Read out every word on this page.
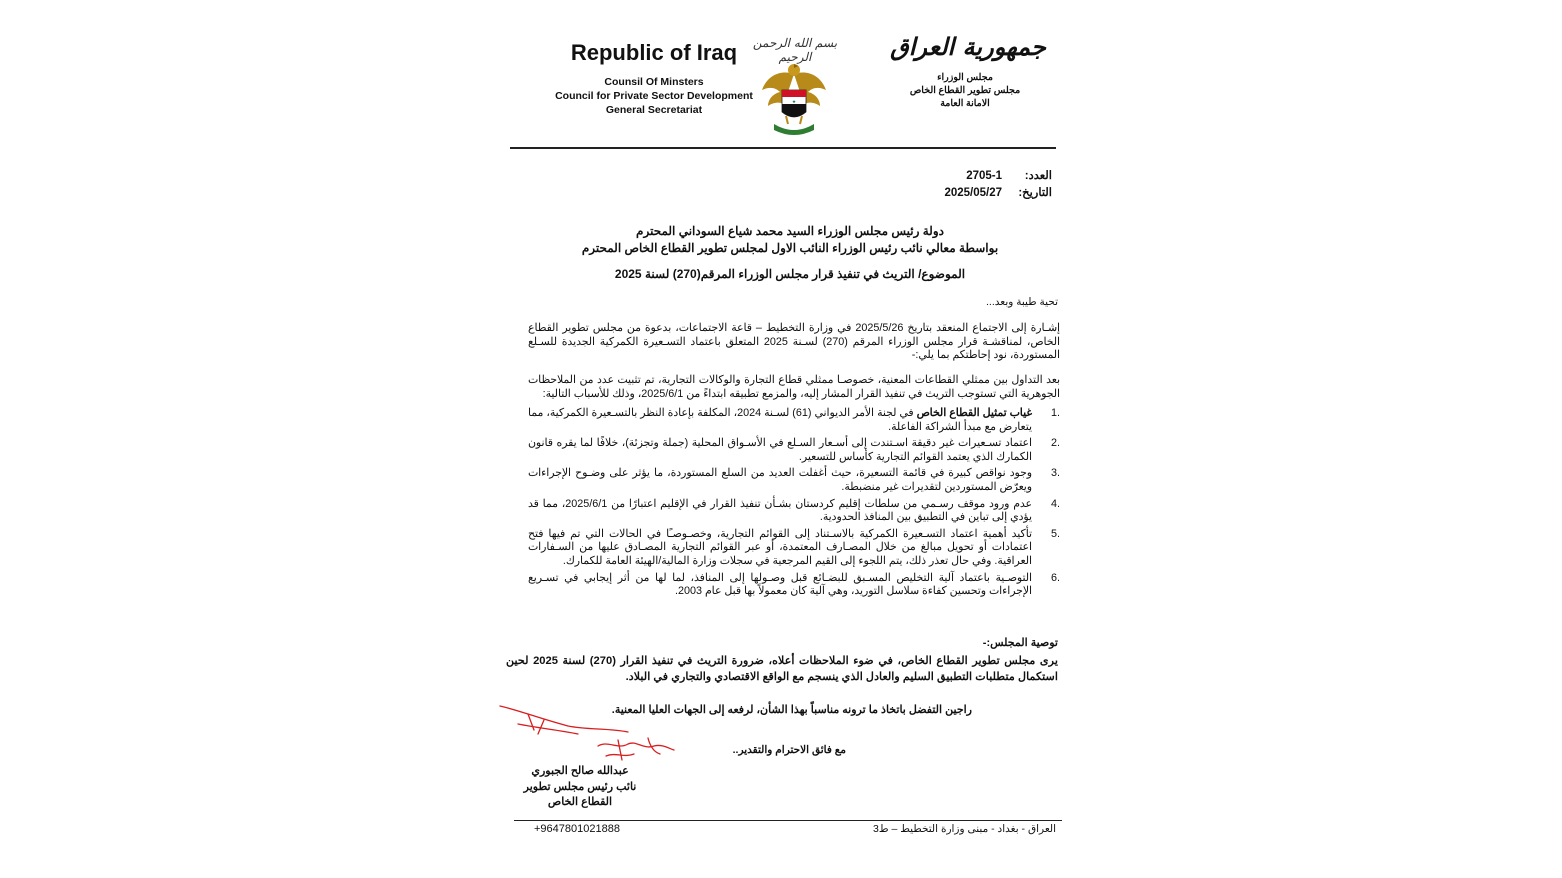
Republic of Iraq
Counsil Of Minsters
Council for Private Sector Development
General Secretariat
بسم الله الرحمن الرحيم
★
جمهورية العراق
مجلس الوزراء
مجلس تطوير القطاع الخاص
الامانة العامة
العدد:
2705-1
التاريخ:
2025/05/27
دولة رئيس مجلس الوزراء السيد محمد شياع السوداني المحترم
بواسطة معالي نائب رئيس الوزراء النائب الاول لمجلس تطوير القطاع الخاص المحترم
الموضوع/ التريث في تنفيذ قرار مجلس الوزراء المرقم(270) لسنة 2025
تحية طيبة وبعد...
إشـارة إلى الاجتماع المنعقد بتاريخ 2025/5/26 في وزارة التخطيط – قاعة الاجتماعات، بدعوة من مجلس تطوير القطاع الخاص، لمناقشـة قرار مجلس الوزراء المرقم (270) لسـنة 2025 المتعلق باعتماد التسـعيرة الكمركية الجديدة للسـلع المستوردة، نود إحاطتكم بما يلي:-
بعد التداول بين ممثلي القطاعات المعنية، خصوصـا ممثلي قطاع التجارة والوكالات التجارية، تم تثبيت عدد من الملاحظات الجوهرية التي تستوجب التريث في تنفيذ القرار المشار إليه، والمزمع تطبيقه ابتداءً من 2025/6/1، وذلك للأسباب التالية:
1.
غياب تمثيل القطاع الخاص في لجنة الأمر الديواني (61) لسـنة 2024، المكلفة بإعادة النظر بالتسـعيرة الكمركية، مما يتعارض مع مبدأ الشراكة الفاعلة.
2.
اعتماد تسـعيرات غير دقيقة اسـتندت إلى أسـعار السـلع في الأسـواق المحلية (جملة وتجزئة)، خلافًا لما يقره قانون الكمارك الذي يعتمد القوائم التجارية كأساس للتسعير.
3.
وجود نواقص كبيرة في قائمة التسعيرة، حيث أغفلت العديد من السلع المستوردة، ما يؤثر على وضـوح الإجراءات ويعرّض المستوردين لتقديرات غير منضبطة.
4.
عدم ورود موقف رسـمي من سلطات إقليم كردستان بشـأن تنفيذ القرار في الإقليم اعتبارًا من 2025/6/1، مما قد يؤدي إلى تباين في التطبيق بين المنافذ الحدودية.
5.
تأكيد أهمية اعتماد التسـعيرة الكمركية بالاسـتناد إلى القوائم التجارية، وخصـوصـًا في الحالات التي تم فيها فتح اعتمادات أو تحويل مبالغ من خلال المصـارف المعتمدة، أو عبر القوائم التجارية المصـادق عليها من السـفارات العراقية. وفي حال تعذر ذلك، يتم اللجوء إلى القيم المرجعية في سجلات وزارة المالية/الهيئة العامة للكمارك.
6.
التوصـية باعتماد آلية التخليص المسـبق للبضـائع قبل وصـولها إلى المنافذ، لما لها من أثر إيجابي في تسـريع الإجراءات وتحسين كفاءة سلاسل التوريد، وهي آلية كان معمولاً بها قبل عام 2003.
توصية المجلس:-
يرى مجلس تطوير القطاع الخاص، في ضوء الملاحظات أعلاه، ضرورة التريث في تنفيذ القرار (270) لسنة 2025 لحين استكمال متطلبات التطبيق السليم والعادل الذي ينسجم مع الواقع الاقتصادي والتجاري في البلاد.
راجين التفضل باتخاذ ما ترونه مناسباً بهذا الشأن، لرفعه إلى الجهات العليا المعنية.
مع فائق الاحترام والتقدير..
عبدالله صالح الجبوري
نائب رئيس مجلس تطوير
القطاع الخاص
+9647801021888	العراق - بغداد - مبنى وزارة التخطيط – ط3
